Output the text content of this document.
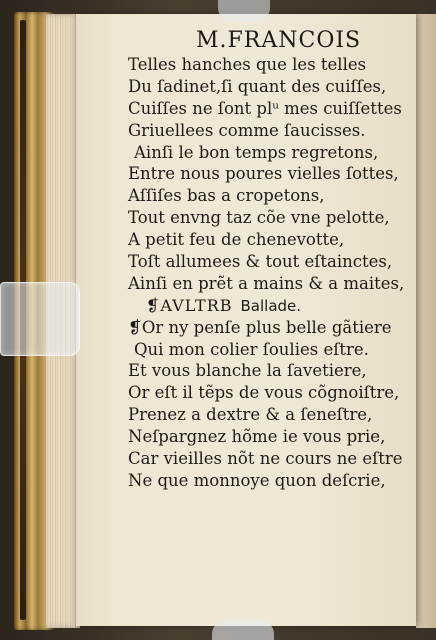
M.FRANCOIS
Telles hanches que les telles
Du ſadinet,ſi quant des cuiſſes,
Cuiſſes ne ſont plᵘ mes cuiſſettes
Griuellees comme ſaucisses.
Ainſi le bon temps regretons,
Entre nous poures vielles ſottes,
Aſſiſes bas a cropetons,
Tout envng taz cõe vne pelotte,
A petit feu de chenevotte,
Toſt allumees & tout eſtainctes,
Ainſi en prẽt a mains & a maites,
❡AVLTRB Ballade.
❡Or ny penſe plus belle gãtiere
Qui mon colier ſoulies eſtre.
Et vous blanche la ſavetiere,
Or eſt il tẽps de vous cõgnoiſtre,
Prenez a dextre & a ſeneſtre,
Neſpargnez hõme ie vous prie,
Car vieilles nõt ne cours ne eſtre
Ne que monnoye quon deſcrie,
